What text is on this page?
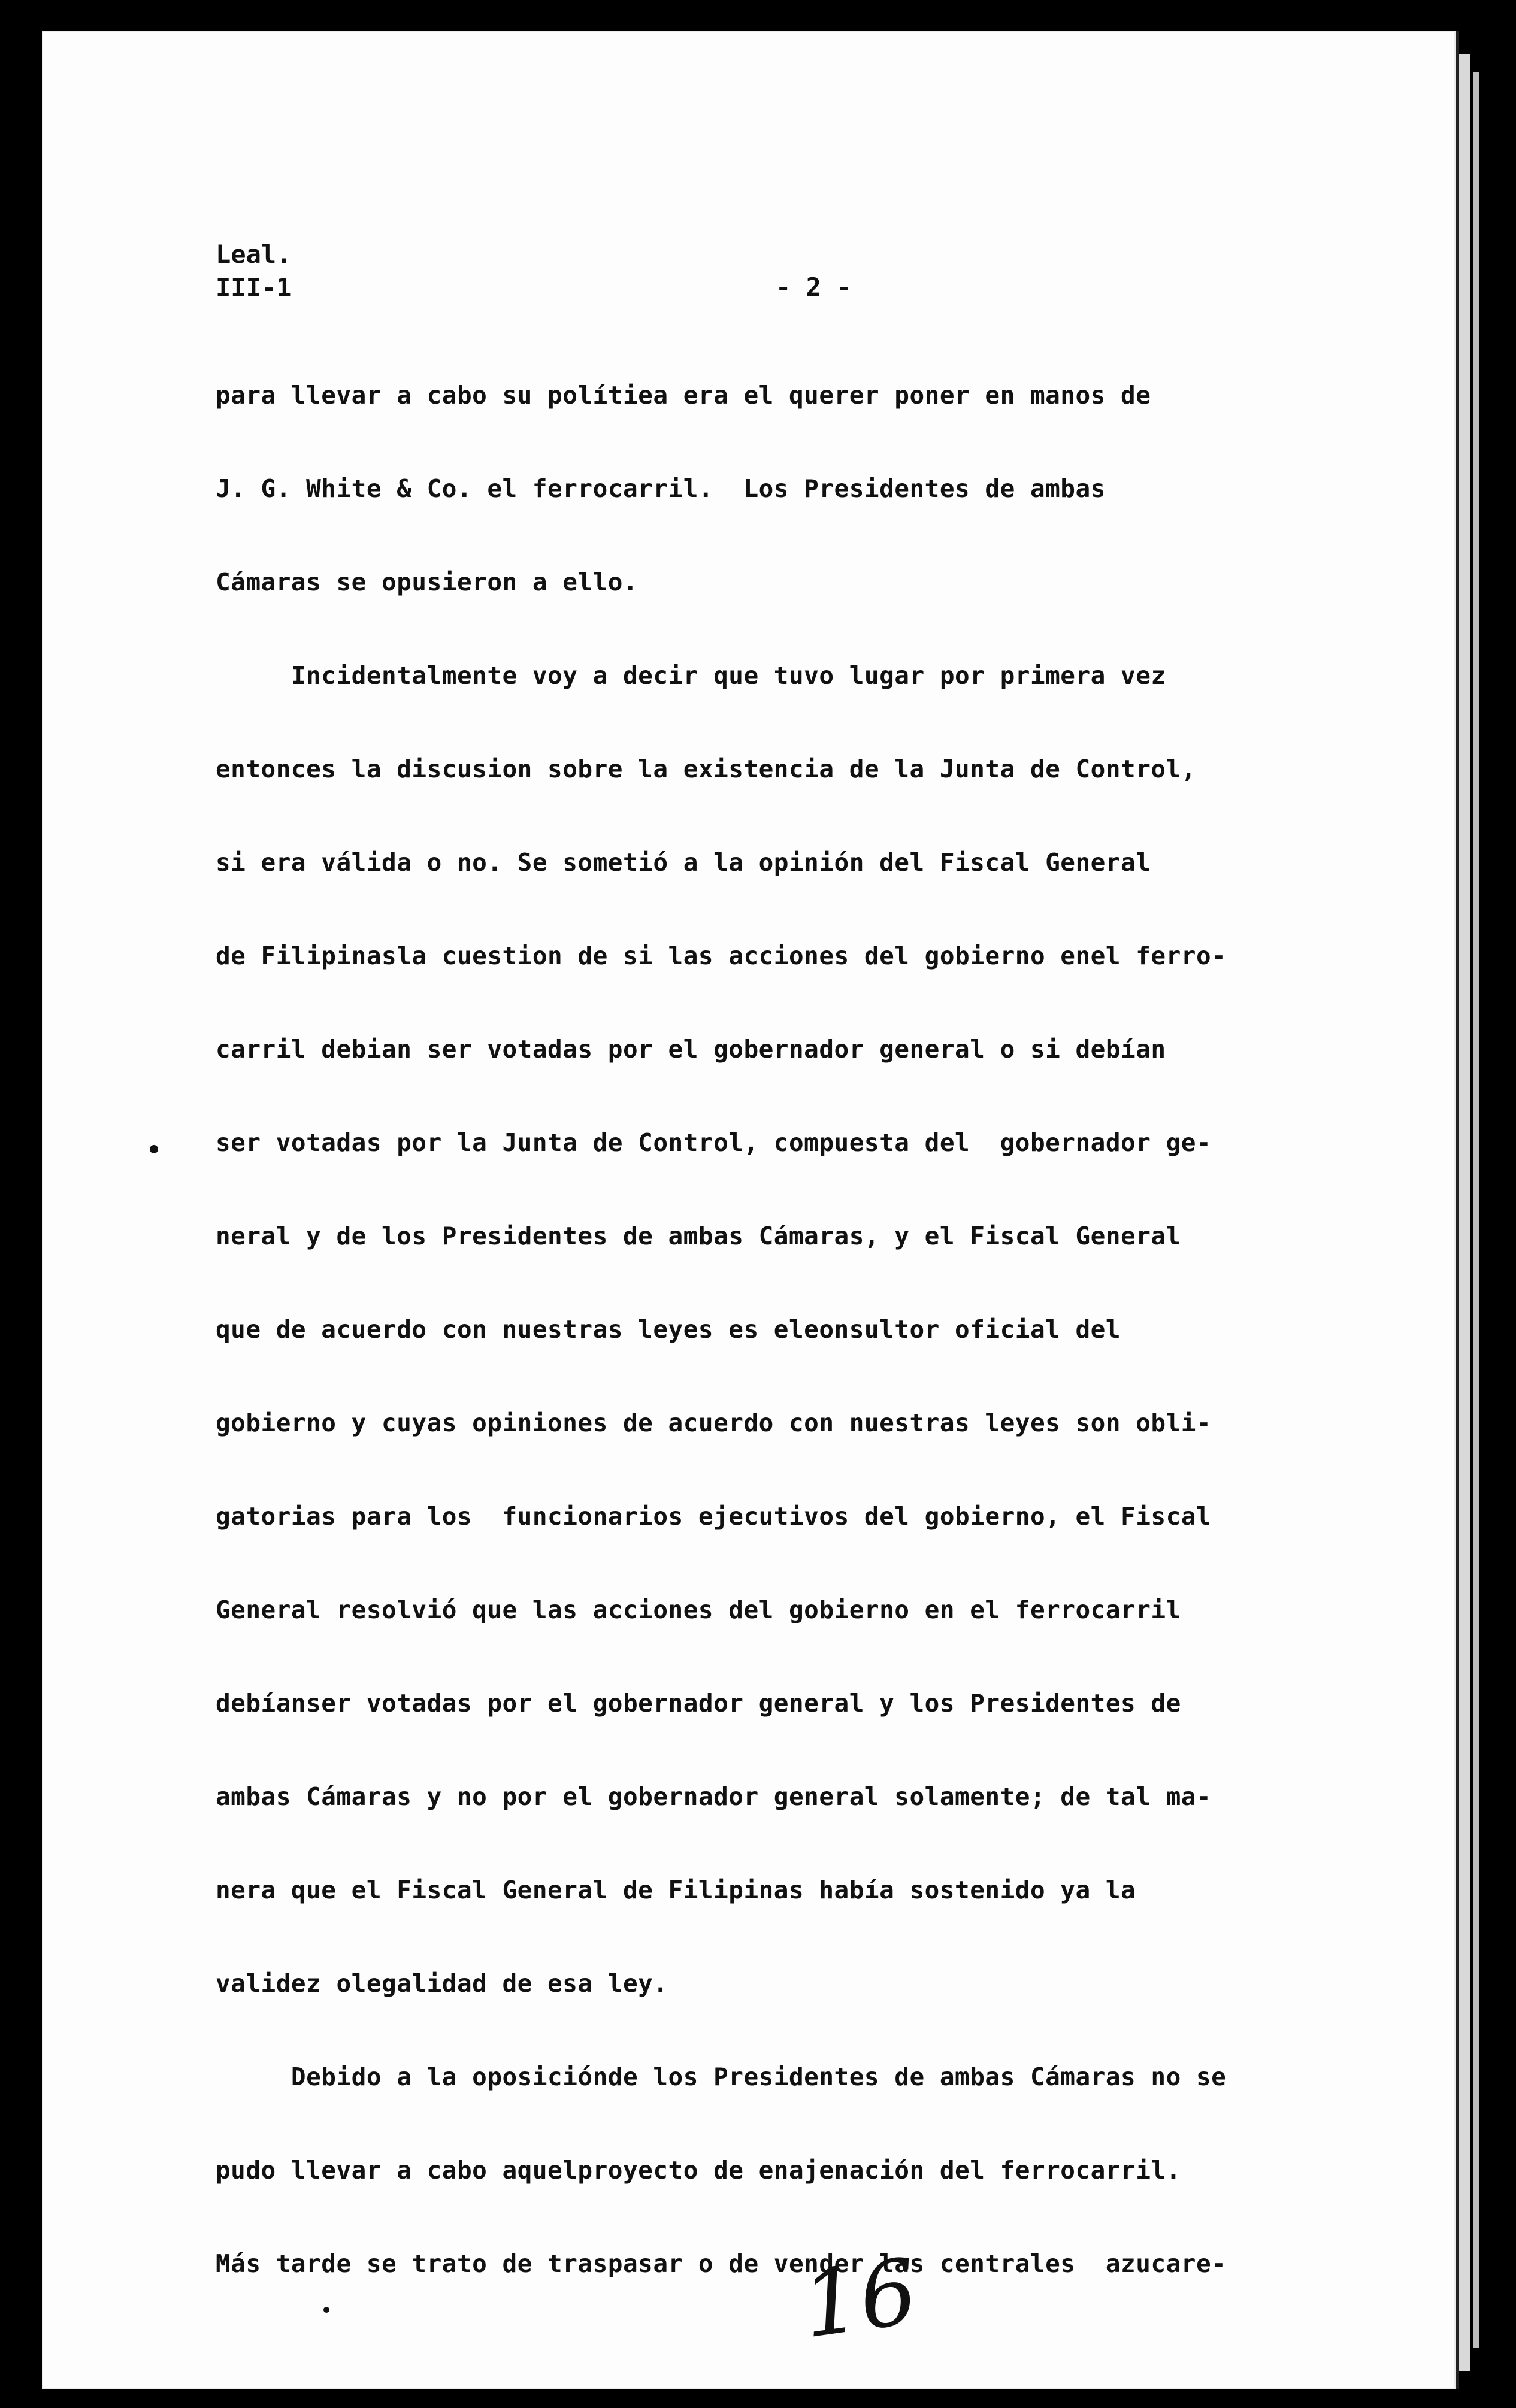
Leal.
III-1	- 2 -
para llevar a cabo su polítiea era el querer poner en manos de
J. G. White & Co. el ferrocarril.  Los Presidentes de ambas
Cámaras se opusieron a ello.
Incidentalmente voy a decir que tuvo lugar por primera vez
entonces la discusion sobre la existencia de la Junta de Control,
si era válida o no. Se sometió a la opinión del Fiscal General
de Filipinasla cuestion de si las acciones del gobierno enel ferro-
carril debian ser votadas por el gobernador general o si debían
ser votadas por la Junta de Control, compuesta del  gobernador ge-
neral y de los Presidentes de ambas Cámaras, y el Fiscal General
que de acuerdo con nuestras leyes es eleonsultor oficial del
gobierno y cuyas opiniones de acuerdo con nuestras leyes son obli-
gatorias para los  funcionarios ejecutivos del gobierno, el Fiscal
General resolvió que las acciones del gobierno en el ferrocarril
debíanser votadas por el gobernador general y los Presidentes de
ambas Cámaras y no por el gobernador general solamente; de tal ma-
nera que el Fiscal General de Filipinas había sostenido ya la
validez olegalidad de esa ley.
Debido a la oposiciónde los Presidentes de ambas Cámaras no se
pudo llevar a cabo aquelproyecto de enajenación del ferrocarril.
Más tarde se trato de traspasar o de vender las centrales  azucare-
16
